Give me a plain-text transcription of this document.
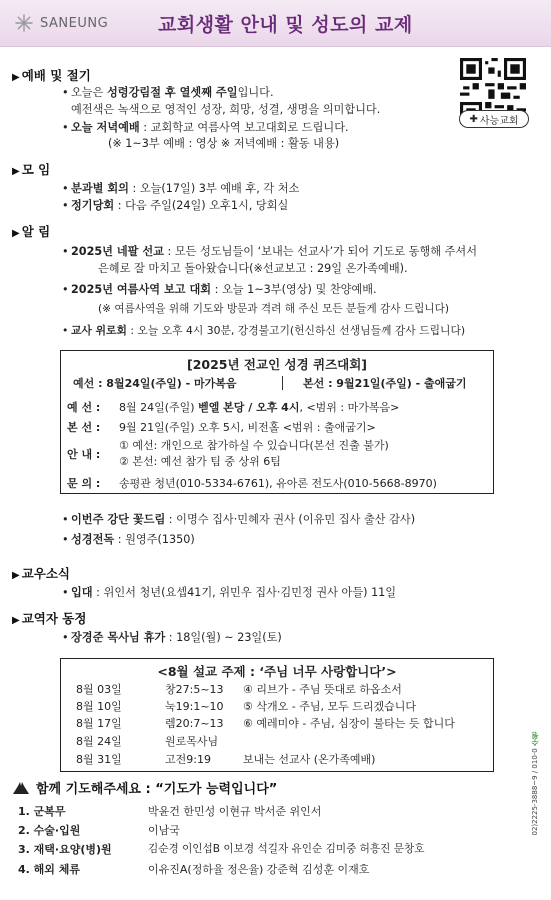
SANEUNG	교회생활 안내 및 성도의 교제
✚ 사능교회
▶ 예배 및 절기
• 오늘은 성령강림절 후 열셋째 주일입니다.
예전색은 녹색으로 영적인 성장, 희망, 성결, 생명을 의미합니다.
• 오늘 저녁예배 : 교회학교 여름사역 보고대회로 드립니다.
(※ 1~3부 예배 : 영상 ※ 저녁예배 : 활동 내용)
▶ 모 임
• 분과별 회의 : 오늘(17일) 3부 예배 후, 각 처소
• 정기당회 : 다음 주일(24일) 오후1시, 당회실
▶ 알 림
• 2025년 네팔 선교 : 모든 성도님들이 ‘보내는 선교사’가 되어 기도로 동행해 주셔서
은혜로 잘 마치고 돌아왔습니다(※선교보고 : 29일 온가족예배).
• 2025년 여름사역 보고 대회 : 오늘 1~3부(영상) 및 찬양예배.
(※ 여름사역을 위해 기도와 방문과 격려 해 주신 모든 분들게 감사 드립니다)
• 교사 위로회 : 오늘 오후 4시 30분, 강경불고기(헌신하신 선생님들께 감사 드립니다)
[2025년 전교인 성경 퀴즈대회]
예선 : 8월24일(주일) - 마가복음	본선 : 9월21일(주일) - 출애굽기
예 선 : 8월 24일(주일) 벧엘 본당 / 오후 4시, <범위 : 마가복음>
본 선 : 9월 21일(주일) 오후 5시, 비전홀 <범위 : 출애굽기>
안 내 :
① 예선: 개인으로 참가하실 수 있습니다(본선 진출 불가)
② 본선: 예선 참가 팀 중 상위 6팀
문 의 : 송평관 청년(010-5334-6761), 유아론 전도사(010-5668-8970)
• 이번주 강단 꽃드림 : 이명수 집사·민혜자 권사 (이유민 집사 출산 감사)
• 성경전독 : 원영주(1350)
▶ 교우소식
• 입대 : 위인서 청년(요셉41기, 위민우 집사·김민정 권사 아들) 11일
▶ 교역자 동정
• 장경준 목사님 휴가 : 18일(월) ~ 23일(토)
<8월 설교 주제 : ‘주님 너무 사랑합니다’>
8월 03일	창27:5~13 ④ 리브가 - 주님 뜻대로 하옵소서
8월 10일	눅19:1~10 ⑤ 삭개오 - 주님, 모두 드리겠습니다
8월 17일	렘20:7~13 ⑥ 예레미야 - 주님, 심장이 불타는 듯 합니다
8월 24일	원로목사님
8월 31일	고전9:19	보내는 선교사 (온가족예배)
함께 기도해주세요 : “기도가 능력입니다”
1. 군복무	박윤건 한민성 이현규 박서준 위인서
2. 수술·입원	이남국
3. 재택·요양(병)원	김순경 이인섭B 이보경 석길자 유인순 김미중 허흥진 문창호
4. 해외 체류	이유진A(정하율 정은율) 강준혁 김성훈 이재호
02)2225-3888~9 / 010-0 수원
